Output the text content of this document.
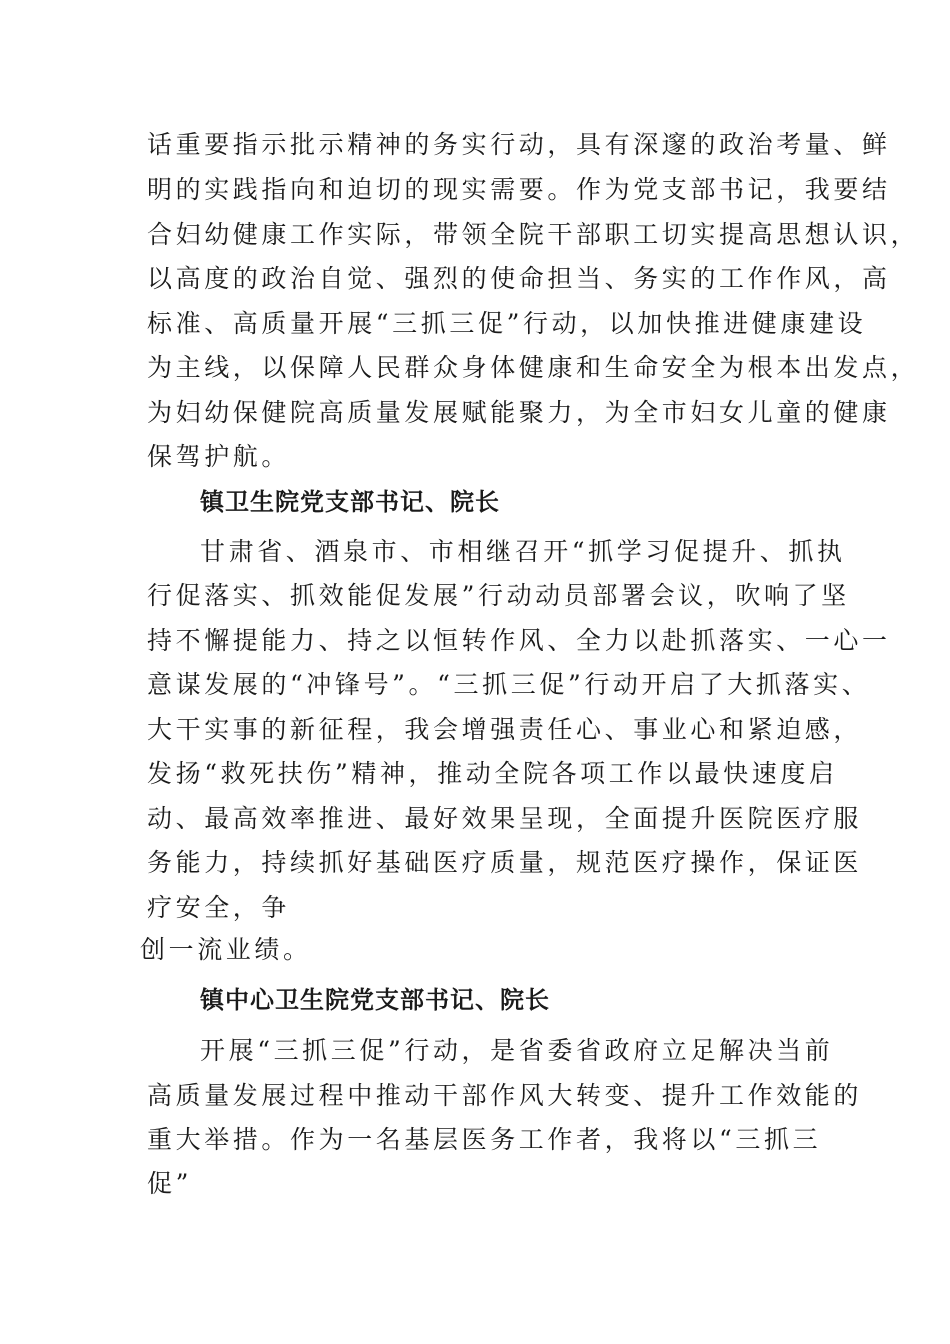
话重要指示批示精神的务实行动，具有深邃的政治考量、鲜

明的实践指向和迫切的现实需要。作为党支部书记，我要结

合妇幼健康工作实际，带领全院干部职工切实提高思想认识，

以高度的政治自觉、强烈的使命担当、务实的工作作风，高

标准、高质量开展“三抓三促”行动，以加快推进健康建设

为主线，以保障人民群众身体健康和生命安全为根本出发点，

为妇幼保健院高质量发展赋能聚力，为全市妇女儿童的健康

保驾护航。

镇卫生院党支部书记、院长

甘肃省、酒泉市、市相继召开“抓学习促提升、抓执

行促落实、抓效能促发展”行动动员部署会议，吹响了坚

持不懈提能力、持之以恒转作风、全力以赴抓落实、一心一

意谋发展的“冲锋号”。“三抓三促”行动开启了大抓落实、

大干实事的新征程，我会增强责任心、事业心和紧迫感，

发扬“救死扶伤”精神，推动全院各项工作以最快速度启

动、最高效率推进、最好效果呈现，全面提升医院医疗服

务能力，持续抓好基础医疗质量，规范医疗操作，保证医

疗安全，争

创一流业绩。

镇中心卫生院党支部书记、院长

开展“三抓三促”行动，是省委省政府立足解决当前

高质量发展过程中推动干部作风大转变、提升工作效能的

重大举措。作为一名基层医务工作者，我将以“三抓三

促”
